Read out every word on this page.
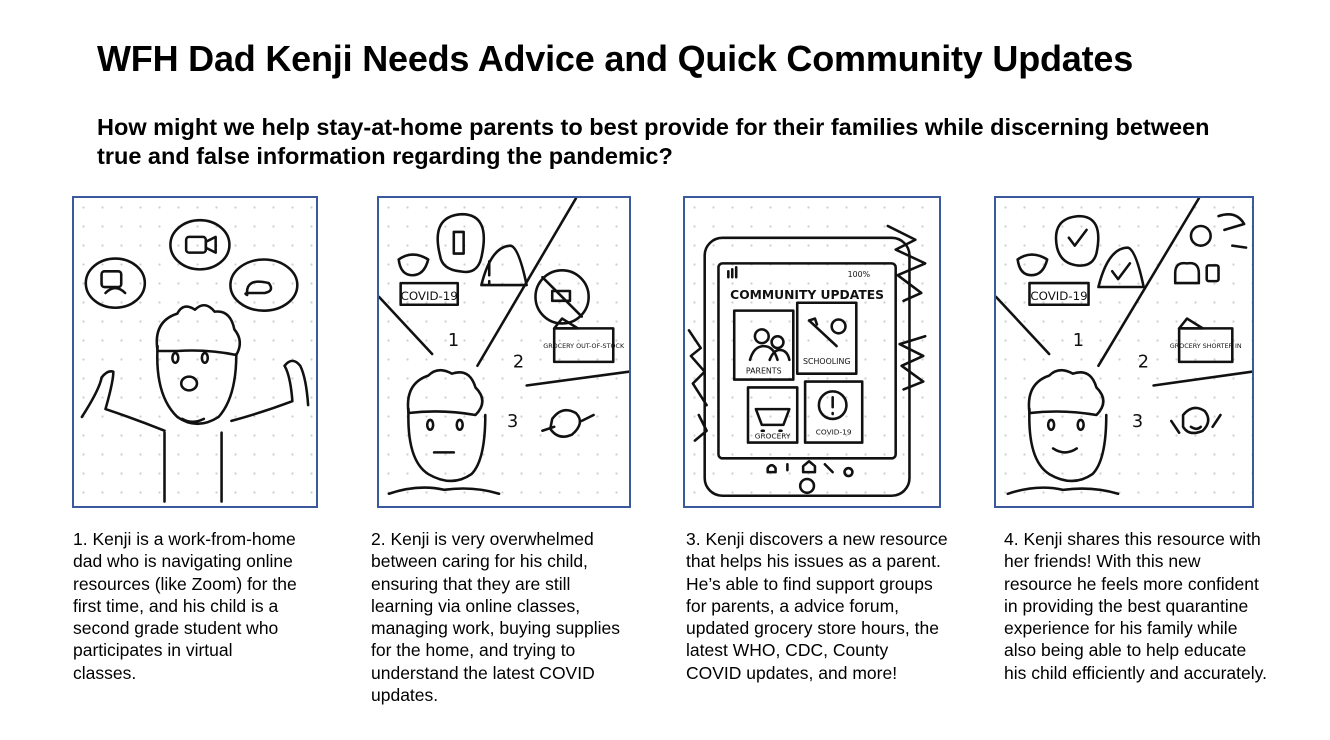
WFH Dad Kenji Needs Advice and Quick Community Updates
How might we help stay-at-home parents to best provide for their families while discerning between true and false information regarding the pandemic?

1. Kenji is a work-from-home dad who is navigating online resources (like Zoom) for the first time, and his child is a second grade student who participates in virtual classes.

COVID-19
GROCERY OUT-OF-STOCK
1
2
3

2. Kenji is very overwhelmed between caring for his child, ensuring that they are still learning via online classes, managing work, buying supplies for the home, and trying to understand the latest COVID updates.

100%
COMMUNITY UPDATES
PARENTS
SCHOOLING
GROCERY	COVID-19

3. Kenji discovers a new resource that helps his issues as a parent. He’s able to find support groups for parents, a advice forum, updated grocery store hours, the latest WHO, CDC, County COVID updates, and more!

COVID-19
GROCERY SHORTER IN
1
2
3

4. Kenji shares this resource with her friends! With this new resource he feels more confident in providing the best quarantine experience for his family while also being able to help educate his child efficiently and accurately.
